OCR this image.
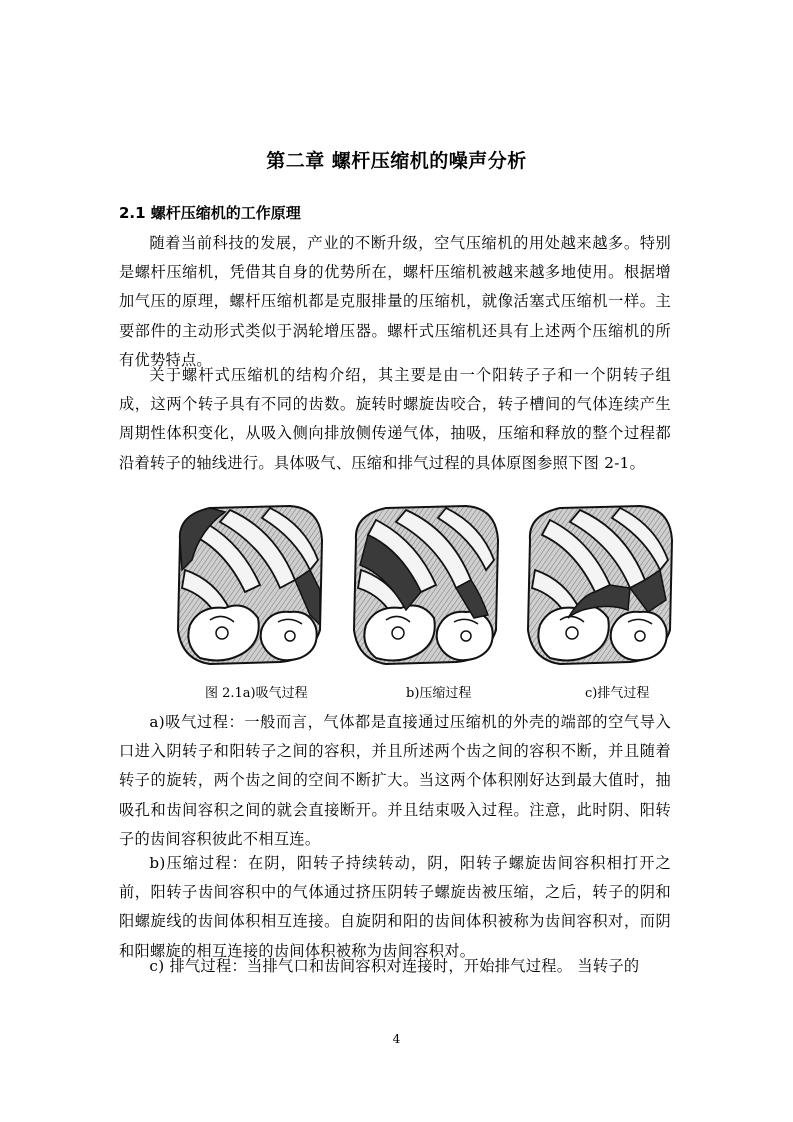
第二章 螺杆压缩机的噪声分析
2.1 螺杆压缩机的工作原理

随着当前科技的发展，产业的不断升级，空气压缩机的用处越来越多。特别是螺杆压缩机，凭借其自身的优势所在，螺杆压缩机被越来越多地使用。根据增加气压的原理，螺杆压缩机都是克服排量的压缩机，就像活塞式压缩机一样。主要部件的主动形式类似于涡轮增压器。螺杆式压缩机还具有上述两个压缩机的所有优势特点。

关于螺杆式压缩机的结构介绍，其主要是由一个阳转子子和一个阴转子组成，这两个转子具有不同的齿数。旋转时螺旋齿咬合，转子槽间的气体连续产生周期性体积变化，从吸入侧向排放侧传递气体，抽吸，压缩和释放的整个过程都沿着转子的轴线进行。具体吸气、压缩和排气过程的具体原图参照下图 2-1。

图 2.1a)吸气过程	b)压缩过程	c)排气过程

a)吸气过程：一般而言，气体都是直接通过压缩机的外壳的端部的空气导入口进入阴转子和阳转子之间的容积，并且所述两个齿之间的容积不断，并且随着转子的旋转，两个齿之间的空间不断扩大。当这两个体积刚好达到最大值时，抽吸孔和齿间容积之间的就会直接断开。并且结束吸入过程。注意，此时阴、阳转子的齿间容积彼此不相互连。

b)压缩过程：在阴，阳转子持续转动，阴，阳转子螺旋齿间容积相打开之前，阳转子齿间容积中的气体通过挤压阴转子螺旋齿被压缩，之后，转子的阴和阳螺旋线的齿间体积相互连接。自旋阴和阳的齿间体积被称为齿间容积对，而阴和阳螺旋的相互连接的齿间体积被称为齿间容积对。

c) 排气过程：当排气口和齿间容积对连接时，开始排气过程。 当转子的

4
